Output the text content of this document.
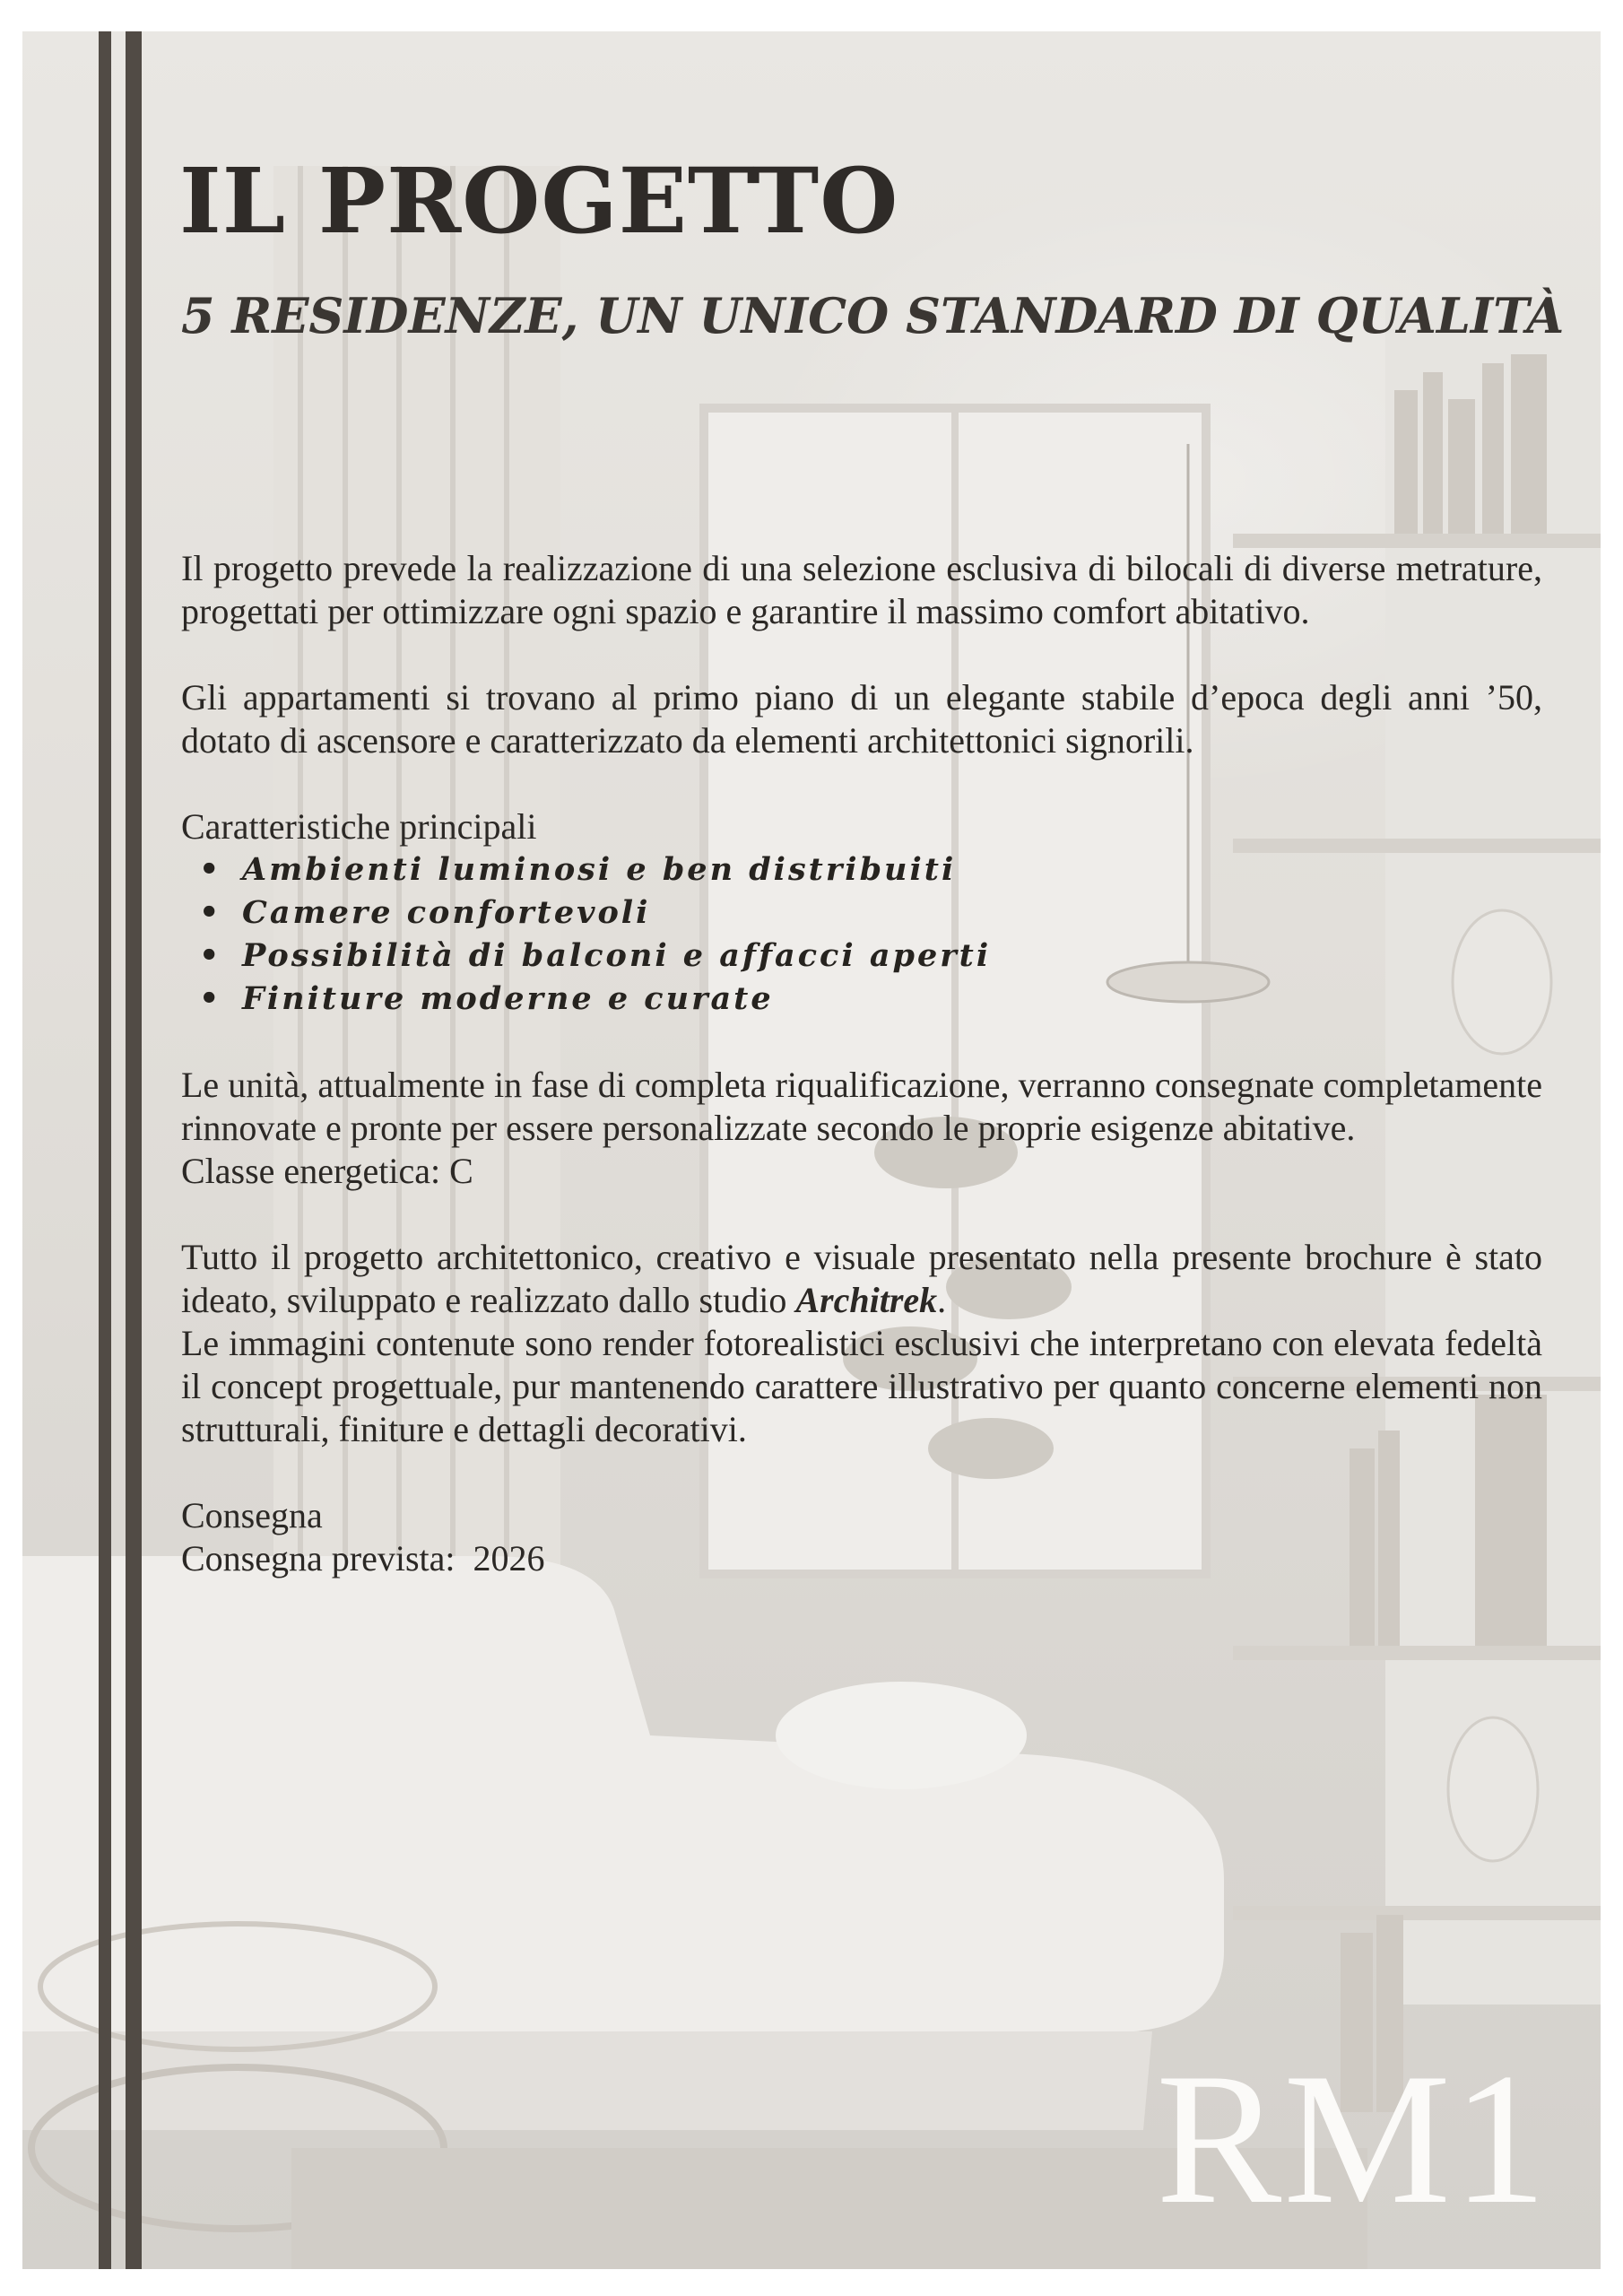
IL PROGETTO
5 RESIDENZE, UN UNICO STANDARD DI QUALITÀ

Il progetto prevede la realizzazione di una selezione esclusiva di bilocali di diverse metrature, progettati per ottimizzare ogni spazio e garantire il massimo comfort abitativo.

Gli appartamenti si trovano al primo piano di un elegante stabile d’epoca degli anni ’50, dotato di ascensore e caratterizzato da elementi architettonici signorili.

Caratteristiche principali
• Ambienti luminosi e ben distribuiti
• Camere confortevoli
• Possibilità di balconi e affacci aperti
• Finiture moderne e curate

Le unità, attualmente in fase di completa riqualificazione, verranno consegnate completamente rinnovate e pronte per essere personalizzate secondo le proprie esigenze abitative.

Classe energetica: C

Tutto il progetto architettonico, creativo e visuale presentato nella presente brochure è stato ideato, sviluppato e realizzato dallo studio Architrek.

Le immagini contenute sono render fotorealistici esclusivi che interpretano con elevata fedeltà il concept progettuale, pur mantenendo carattere illustrativo per quanto concerne elementi non strutturali, finiture e dettagli decorativi.

Consegna
Consegna prevista:  2026
RM1
